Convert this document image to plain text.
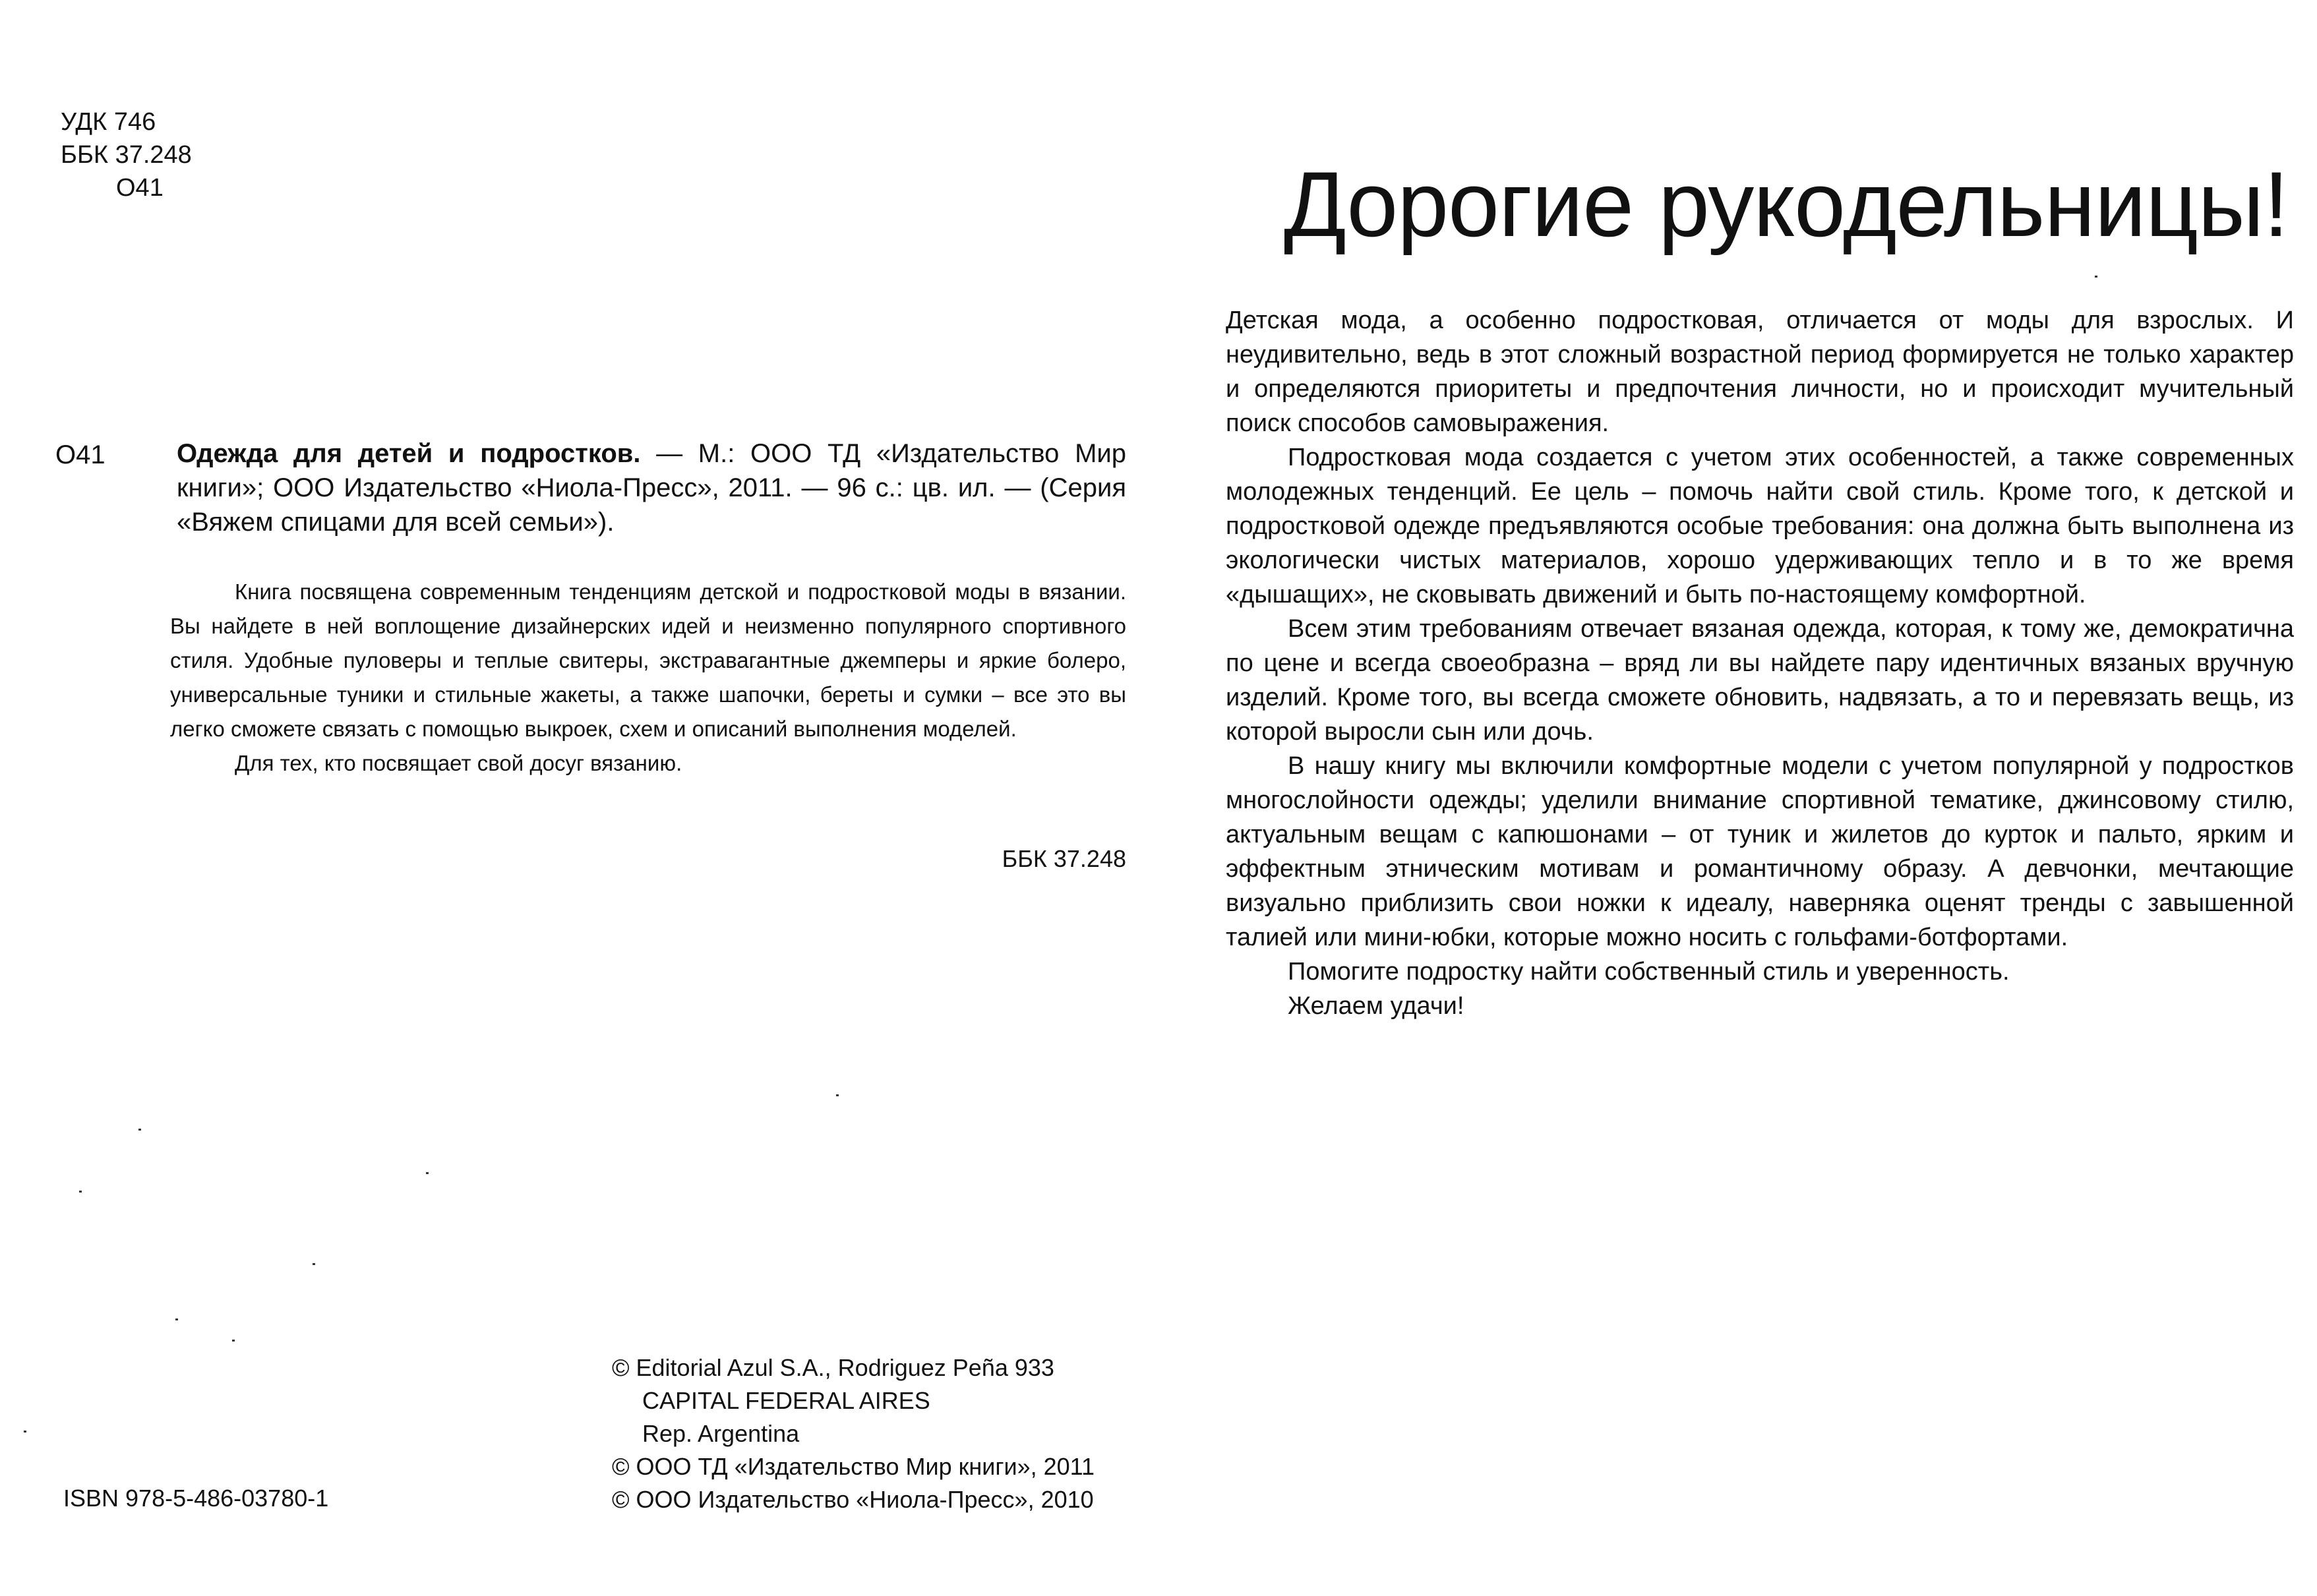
УДК 746
ББК 37.248
О41
О41	Одежда для детей и подростков. — М.: ООО ТД «Издательство Мир книги»; ООО Издательство «Ниола-Пресс», 2011. — 96 с.: цв. ил. — (Серия «Вяжем спицами для всей семьи»).

Книга посвящена современным тенденциям детской и подростковой моды в вязании. Вы найдете в ней воплощение дизайнерских идей и неизменно популярного спортивного стиля. Удобные пуловеры и теплые свитеры, экстравагантные джемперы и яркие болеро, универсальные туники и стильные жакеты, а также шапочки, береты и сумки – все это вы легко сможете связать с помощью выкроек, схем и описаний выполнения моделей.

Для тех, кто посвящает свой досуг вязанию.

ББК 37.248
© Editorial Azul S.A., Rodriguez Peña 933
CAPITAL FEDERAL AIRES
Rep. Argentina
© ООО ТД «Издательство Мир книги», 2011
© ООО Издательство «Ниола-Пресс», 2010
ISBN 978-5-486-03780-1
Дорогие рукодельницы!

Детская мода, а особенно подростковая, отличается от моды для взрослых. И неудивительно, ведь в этот сложный возрастной период формируется не только характер и определяются приоритеты и предпочтения личности, но и происходит мучительный поиск способов самовыражения.

Подростковая мода создается с учетом этих особенностей, а также современных молодежных тенденций. Ее цель – помочь найти свой стиль. Кроме того, к детской и подростковой одежде предъявляются особые требования: она должна быть выполнена из экологически чистых материалов, хорошо удерживающих тепло и в то же время «дышащих», не сковывать движений и быть по-настоящему комфортной.

Всем этим требованиям отвечает вязаная одежда, которая, к тому же, демократична по цене и всегда своеобразна – вряд ли вы найдете пару идентичных вязаных вручную изделий. Кроме того, вы всегда сможете обновить, надвязать, а то и перевязать вещь, из которой выросли сын или дочь.

В нашу книгу мы включили комфортные модели с учетом популярной у подростков многослойности одежды; уделили внимание спортивной тематике, джинсовому стилю, актуальным вещам с капюшонами – от туник и жилетов до курток и пальто, ярким и эффектным этническим мотивам и романтичному образу. А девчонки, мечтающие визуально приблизить свои ножки к идеалу, наверняка оценят тренды с завышенной талией или мини-юбки, которые можно носить с гольфами-ботфортами.

Помогите подростку найти собственный стиль и уверенность.

Желаем удачи!
